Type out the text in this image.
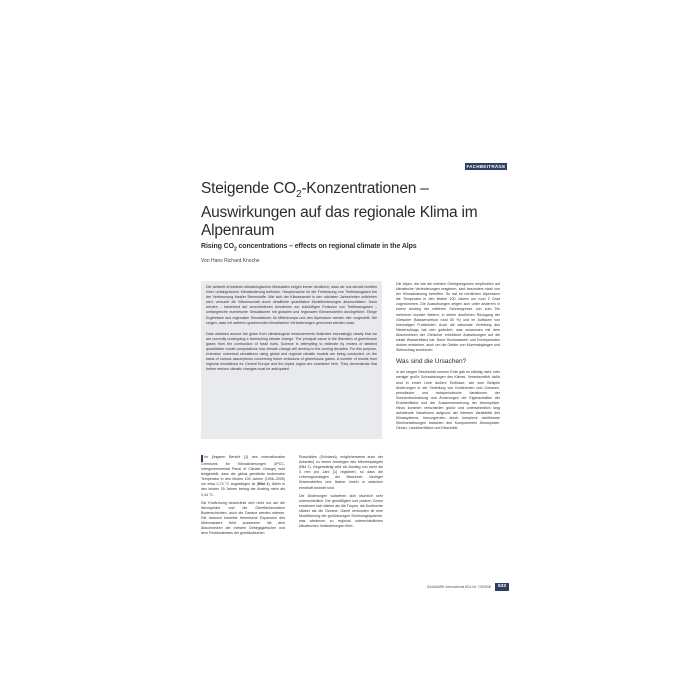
FACHBEITRÄGE
Steigende $CO_2$-Konzentrationen – Auswirkungen auf das regionale Klima im Alpenraum
Rising $CO_2$ concentrations – effects on regional climate in the Alps

Von Hans Richard Knoche

Die weltweit erhobenen klimatologischen Messdaten zeigen immer deutlicher, dass wir uns derzeit inmitten einer umfangreichen Klimaänderung befinden. Hauptursache ist die Freisetzung von Treibhausgasen bei der Verbrennung fossiler Brennstoffe. Wie sich der Klimawandel in den nächsten Jahrzehnten vollziehen wird, versucht die Wissenschaft durch detaillierte quantitative Modellrechnungen abzuschätzen. Dazu werden – basierend auf verschiedenen Annahmen zur zukünftigen Emission von Treibhausgasen – umfangreiche numerische Simulationen mit globalen und regionalen Klimamodellen durchgeführt. Einige Ergebnisse aus regionalen Simulationen für Mitteleuropa und den Alpenraum werden hier vorgestellt. Sie zeigen, dass mit weiteren gravierenden klimatischen Veränderungen gerechnet werden muss.

Data obtained around the globe from climatological measurements illustrates increasingly clearly that we are currently undergoing a farreaching climate change. The principal cause is the liberation of greenhouse gases from the combustion of fossil fuels. Science is attempting to estimate by means of detailed quantitative model computations how climate change will develop in the coming decades. For this purpose, extensive numerical simulations using global and regional climatic models are being conducted, on the basis of various assumptions concerning future emissions of greenhouse gases. A number of results from regional simulations for Central Europe and the Alpine region are examined here. They demonstrate that further serious climatic changes must be anticipated.

Im jüngsten Bericht [1] des internationalen Gremiums für Klimaänderungen (IPCC, Intergovernmental Panel of Climate Change) wird festgestellt, dass die global gemittelte bodennahe Temperatur in den letzten 100 Jahren (1906–2005) um etwa 0,74 °C angestiegen ist (Bild 1). Allein in den letzten 25 Jahren betrug der Anstieg mehr als 0,44 °C.

Die Erwärmung beschränkt sich nicht nur auf die Atmosphäre und die Oberflächennahen Bodenschichten, auch die Ozeane werden wärmer. Die dadurch bewirkte thermische Expansion des Meerwassers führt zusammen mit dem Abschmelzen der meisten Gebirgsgletscher und dem Festlandseises der grönländischen

Eisschildes (Grönland), möglicherweise auch der Antarktis) zu einem Ansteigen des Meeresspiegels (Bild 1). Gegenwärtig wird ein Anstieg von mehr als 3 mm pro Jahr [1] registriert, so dass die Lebensgrundlagen der Bewohner niedriger Küstenstreifen und flacher Inseln in zwischen ernsthaft bedroht sind.

Die Änderungen vollziehen sich räumlich sehr unterschiedlich. Die gemäßigten und polaren Zonen erwärmen sich stärker als die Tropen, die Kontinente stärker als die Ozeane. Damit verbunden ist eine Modifizierung der großräumigen Strömungssysteme, was wiederum zu regional unterschiedlichen klimatischen Veränderungen führt.

Die Alpen, die wie die meisten Gebirgsregionen empfindlich auf klimatische Veränderungen reagieren, sind besonders stark von der Klimaänderung betroffen. So hat es nördlichen Alpenraum die Temperatur in den letzten 100 Jahren um rund 2 Grad zugenommen. Die Auswirkungen zeigen sich unter anderem in einem Anstieg der mittleren Schneegrenze von zum Teil mehreren hundert Metern, in einem deutlichen Rückgang der Gletscher (Massenverlust rund 50 %) und im Auftauen von ehemaligen Frostböden. Auch die saisonale Verteilung des Niederschlags hat sich geändert; was zusammen mit dem Abschmelzen der Gletscher erhebliche Auswirkungen auf die lokale Wasserbilanz hat. Neue Hochwassern und Dürreperioden drohen entstehen, auch um die Gefahr von Murenabgängen und Steinschlag zunehmen.

Was sind die Ursachen?

In der langen Geschichte unserer Erde gab es ständig mehr oder weniger große Schwankungen des Klimas. Verantwortlich dafür sind in erster Linie äußere Einflüsse, wie zum Beispiel Änderungen in der Verteilung von Kontinenten und Ozeanen, periodische und nichtperiodische Variationen der Sonneneinstrahlung und Änderungen der Eigenschaften der Erdoberfläche und der Zusammensetzung der Atmosphäre. Hinzu kommen verschieden große und unterschiedlich lang anhaltende Variationen aufgrund der internen Variabilität des Klimasystems, hervorgerufen durch komplexe nichtlineare Wechselwirkungen zwischen den Komponenten Atmosphäre, Ozean, Landoberfläche und Eisschilde.

GAIAMARK international 8/11-Nr. 7/8/2008	533
